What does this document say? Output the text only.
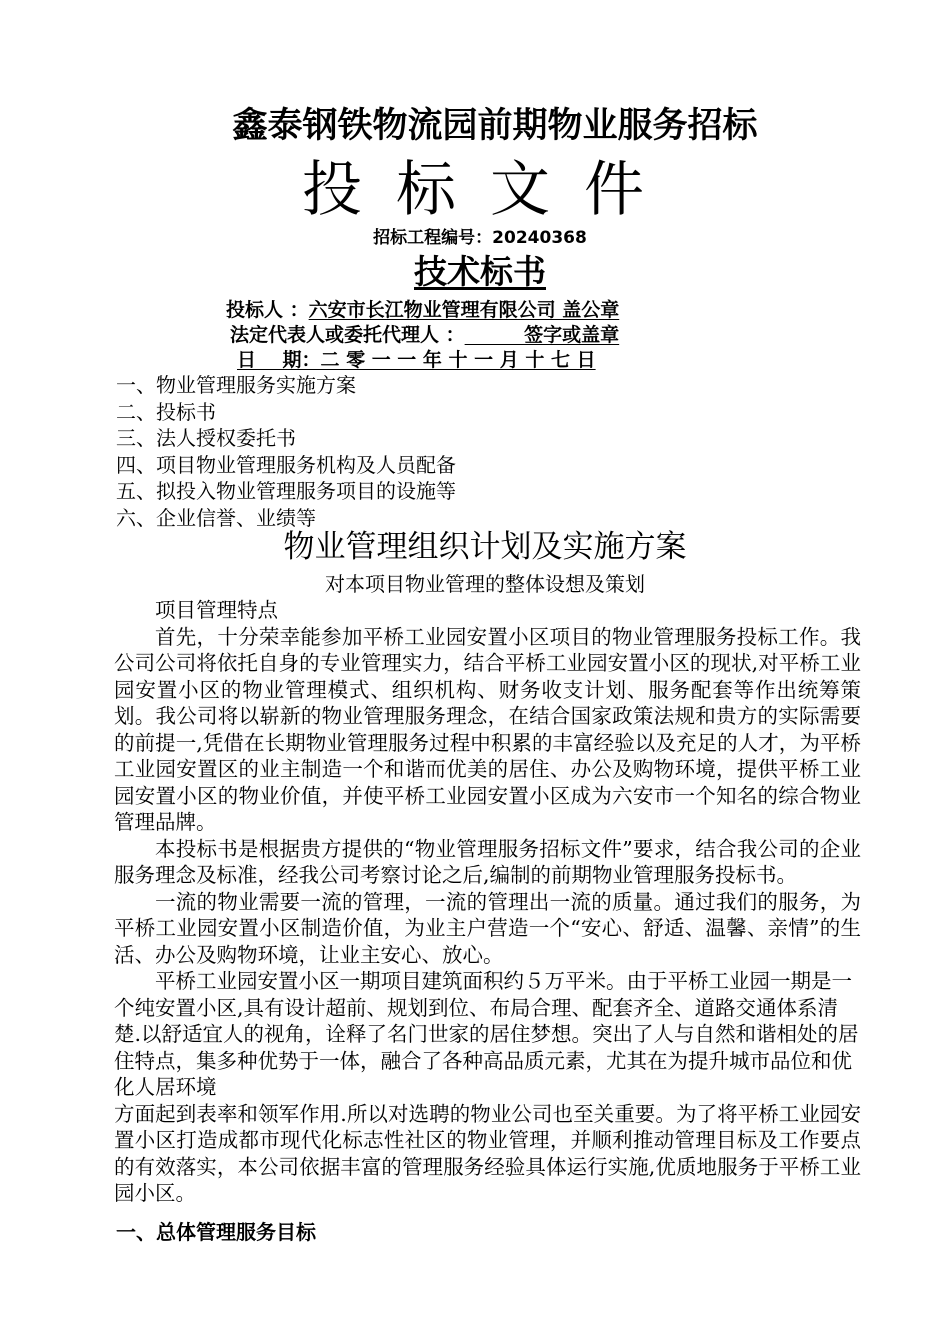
鑫泰钢铁物流园前期物业服务招标
投标文件
招标工程编号：20240368
技术标书
投标人 ：六安市长江物业管理有限公司 盖公章
法定代表人或委托代理人 ：         签字或盖章
日    期：二 零 一 一 年 十 一 月 十 七 日
一、物业管理服务实施方案
二、投标书
三、法人授权委托书
四、项目物业管理服务机构及人员配备
五、拟投入物业管理服务项目的设施等
六、企业信誉、业绩等
物业管理组织计划及实施方案
对本项目物业管理的整体设想及策划

项目管理特点

首先，十分荣幸能参加平桥工业园安置小区项目的物业管理服务投标工作。我公司公司将依托自身的专业管理实力，结合平桥工业园安置小区的现状,对平桥工业园安置小区的物业管理模式、组织机构、财务收支计划、服务配套等作出统筹策划。我公司将以崭新的物业管理服务理念，在结合国家政策法规和贵方的实际需要的前提一,凭借在长期物业管理服务过程中积累的丰富经验以及充足的人才，为平桥工业园安置区的业主制造一个和谐而优美的居住、办公及购物环境，提供平桥工业园安置小区的物业价值，并使平桥工业园安置小区成为六安市一个知名的综合物业管理品牌。

本投标书是根据贵方提供的“物业管理服务招标文件”要求，结合我公司的企业服务理念及标准，经我公司考察讨论之后,编制的前期物业管理服务投标书。

一流的物业需要一流的管理，一流的管理出一流的质量。通过我们的服务，为平桥工业园安置小区制造价值，为业主户营造一个“安心、舒适、温馨、亲情”的生活、办公及购物环境，让业主安心、放心。

平桥工业园安置小区一期项目建筑面积约５万平米。由于平桥工业园一期是一个纯安置小区,具有设计超前、规划到位、布局合理、配套齐全、道路交通体系清楚.以舒适宜人的视角，诠释了名门世家的居住梦想。突出了人与自然和谐相处的居住特点，集多种优势于一体，融合了各种高品质元素，尤其在为提升城市品位和优化人居环境

方面起到表率和领军作用.所以对选聘的物业公司也至关重要。为了将平桥工业园安置小区打造成都市现代化标志性社区的物业管理，并顺利推动管理目标及工作要点的有效落实，本公司依据丰富的管理服务经验具体运行实施,优质地服务于平桥工业园小区。

一、总体管理服务目标
